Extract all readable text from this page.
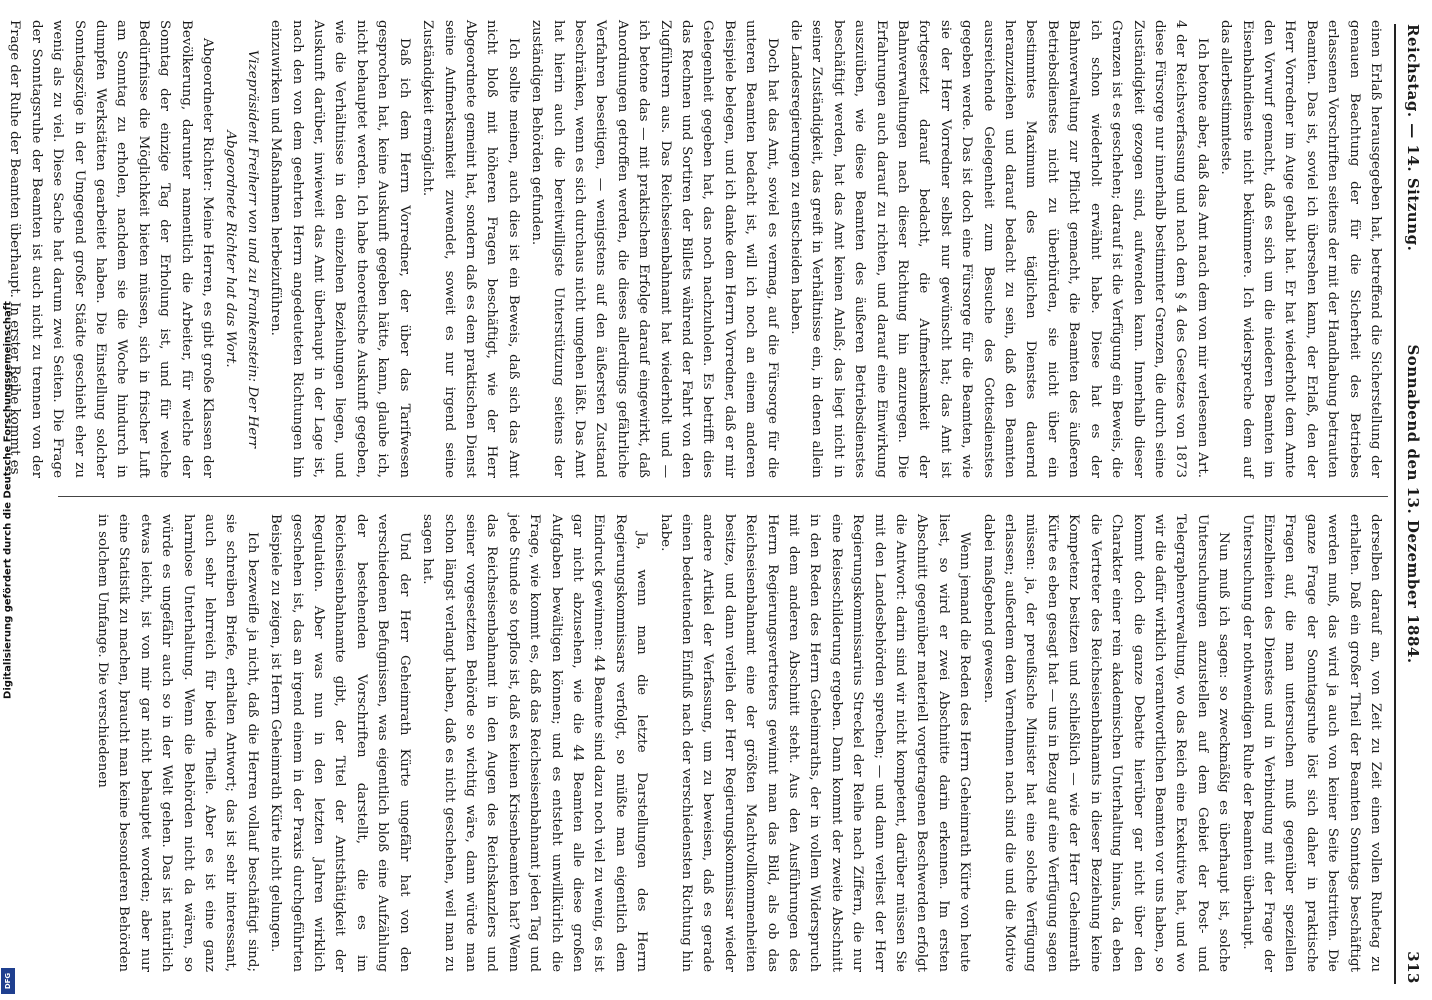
Digitalisierung gefördert durch die Deutsche Forschungsgemeinschaft
DFG
Reichstag. — 14. Sitzung.
Sonnabend den 13. Dezember 1884.
313

einen Erlaß herausgegeben hat, betreffend die Sicherstellung der genauen Beachtung der für die Sicherheit des Betriebes erlassenen Vorschriften seitens der mit der Handhabung betrauten Beamten. Das ist, soviel ich übersehen kann, der Erlaß, den der Herr Vorredner im Auge gehabt hat. Er hat wiederholt dem Amte den Vorwurf gemacht, daß es sich um die niederen Beamten im Eisenbahndienste nicht bekümmere. Ich widerspreche dem auf das allerbestimmteste.

Ich betone aber, daß das Amt nach dem von mir verlesenen Art. 4 der Reichsverfassung und nach dem § 4 des Gesetzes von 1873 diese Fürsorge nur innerhalb bestimmter Grenzen, die durch seine Zuständigkeit gezogen sind, aufwenden kann. Innerhalb dieser Grenzen ist es geschehen; darauf ist die Verfügung ein Beweis, die ich schon wiederholt erwähnt habe. Diese hat es der Bahnverwaltung zur Pflicht gemacht, die Beamten des äußeren Betriebsdienstes nicht zu überbürden, sie nicht über ein bestimmtes Maximum des täglichen Dienstes dauernd heranzuziehen und darauf bedacht zu sein, daß den Beamten ausreichende Gelegenheit zum Besuche des Gottesdienstes gegeben werde. Das ist doch eine Fürsorge für die Beamten, wie sie der Herr Vorredner selbst nur gewünscht hat; das Amt ist fortgesetzt darauf bedacht, die Aufmerksamkeit der Bahnverwaltungen nach dieser Richtung hin anzuregen. Die Erfahrungen auch darauf zu richten, und darauf eine Einwirkung auszuüben, wie diese Beamten des äußeren Betriebsdienstes beschäftigt werden, hat das Amt keinen Anlaß; das liegt nicht in seiner Zuständigkeit, das greift in Verhältnisse ein, in denen allein die Landesregierungen zu entscheiden haben.

Doch hat das Amt, soviel es vermag, auf die Fürsorge für die unteren Beamten bedacht ist, will ich noch an einem anderen Beispiele belegen, und ich danke dem Herrn Vorredner, daß er mir Gelegenheit gegeben hat, das noch nachzuholen. Es betrifft dies das Rechnen und Sortiren der Billets während der Fahrt von den Zugführern aus. Das Reichseisenbahnamt hat wiederholt und — ich betone das — mit praktischem Erfolge darauf eingewirkt, daß Anordnungen getroffen werden, die dieses allerdings gefährliche Verfahren beseitigen, — wenigstens auf den äußersten Zustand beschränken, wenn es sich durchaus nicht umgehen läßt. Das Amt hat hierin auch die bereitwilligste Unterstützung seitens der zuständigen Behörden gefunden.

Ich sollte meinen, auch dies ist ein Beweis, daß sich das Amt nicht bloß mit höheren Fragen beschäftigt, wie der Herr Abgeordnete gemeint hat, sondern daß es dem praktischen Dienst seine Aufmerksamkeit zuwendet, soweit es nur irgend seine Zuständigkeit ermöglicht.

Daß ich dem Herrn Vorredner, der über das Tarifwesen gesprochen hat, keine Auskunft gegeben hätte, kann, glaube ich, nicht behauptet werden. Ich habe theoretische Auskunft gegeben, wie die Verhältnisse in den einzelnen Beziehungen liegen, und Auskunft darüber, inwieweit das Amt überhaupt in der Lage ist, nach den von dem geehrten Herrn angedeuteten Richtungen hin einzuwirken und Maßnahmen herbeizuführen.

Vizepräsident Freiherr von und zu Frankenstein: Der Herr Abgeordnete Richter hat das Wort.

Abgeordneter Richter: Meine Herren, es gibt große Klassen der Bevölkerung, darunter namentlich die Arbeiter, für welche der Sonntag der einzige Tag der Erholung ist, und für welche Bedürfnisse die Möglichkeit bieten müssen, sich in frischer Luft am Sonntag zu erholen, nachdem sie die Woche hindurch in dumpfen Werkstätten gearbeitet haben. Die Einstellung solcher Sonntagszüge in der Umgegend großer Städte geschieht eher zu wenig als zu viel. Diese Sache hat darum zwei Seiten. Die Frage der Sonntagsruhe der Beamten ist auch nicht zu trennen von der Frage der Ruhe der Beamten überhaupt. In erster Reihe kommt es

derselben darauf an, von Zeit zu Zeit einen vollen Ruhetag zu erhalten. Daß ein großer Theil der Beamten Sonntags beschäftigt werden muß, das wird ja auch von keiner Seite bestritten. Die ganze Frage der Sonntagsruhe löst sich daher in praktische Fragen auf, die man untersuchen muß gegenüber speziellen Einzelheiten des Dienstes und in Verbindung mit der Frage der Untersuchung der nothwendigen Ruhe der Beamten überhaupt.

Nun muß ich sagen: so zweckmäßig es überhaupt ist, solche Untersuchungen anzustellen auf dem Gebiet der Post- und Telegraphenverwaltung, wo das Reich eine Exekutive hat, und wo wir die dafür wirklich verantwortlichen Beamten vor uns haben, so kommt doch die ganze Debatte hierüber gar nicht über den Charakter einer rein akademischen Unterhaltung hinaus, da eben die Vertreter des Reichseisenbahnamts in dieser Beziehung keine Kompetenz besitzen und schließlich — wie der Herr Geheimrath Kürte es eben gesagt hat — uns in Bezug auf eine Verfügung sagen müssen: ja, der preußische Minister hat eine solche Verfügung erlassen; außerdem dem Vernehmen nach sind die und die Motive dabei maßgebend gewesen.

Wenn jemand die Reden des Herrn Geheimrath Kürte von heute liest, so wird er zwei Abschnitte darin erkennen. Im ersten Abschnitt gegenüber materiell vorgetragenen Beschwerden erfolgt die Antwort: darin sind wir nicht kompetent, darüber müssen Sie mit den Landesbehörden sprechen; — und dann verliest der Herr Regierungskommissarius Streckel der Reihe nach Ziffern, die nur eine Reiseschilderung ergeben. Dann kommt der zweite Abschnitt in den Reden des Herrn Geheimraths, der in vollem Widerspruch mit dem anderen Abschnitt steht. Aus den Ausführungen des Herrn Regierungsvertreters gewinnt man das Bild, als ob das Reichseisenbahnamt eine der größten Machtvollkommenheiten besitze, und dann verlieh der Herr Regierungskommissar wieder andere Artikel der Verfassung, um zu beweisen, daß es gerade einen bedeutenden Einfluß nach der verschiedensten Richtung hin habe.

Ja, wenn man die letzte Darstellungen des Herrn Regierungskommissars verfolgt, so müßte man eigentlich dem Eindruck gewinnen: 44 Beamte sind dazu noch viel zu wenig, es ist gar nicht abzusehen, wie die 44 Beamten alle diese großen Aufgaben bewältigen können; und es entsteht unwillkürlich die Frage, wie kommt es, daß das Reichseisenbahnamt jeden Tag und jede Stunde so topflos ist, daß es keinen Krisenbeamten hat? Wenn das Reichseisenbahnamt in den Augen des Reichskanzlers und seiner vorgesetzten Behörde so wichtig wäre, dann würde man schon längst verlangt haben, daß es nicht geschehen, weil man zu sagen hat.

Und der Herr Geheimrath Kürte ungefähr hat von den verschiedenen Befugnissen, was eigentlich bloß eine Aufzählung der bestehenden Vorschriften darstellt, die es im Reichseisenbahnamte gibt, der Titel der Amtsthätigkeit der Regulation. Aber was nun in den letzten Jahren wirklich geschehen ist, das an irgend einem in der Praxis durchgeführten Beispiele zu zeigen, ist Herrn Geheimrath Kürte nicht gelungen.

Ich bezweifle ja nicht, daß die Herren vollauf beschäftigt sind; sie schreiben Briefe, erhalten Antwort; das ist sehr interessant, auch sehr lehrreich für beide Theile. Aber es ist eine ganz harmlose Unterhaltung. Wenn die Behörden nicht da wären, so würde es ungefähr auch so in der Welt gehen. Das ist natürlich etwas leicht, ist von mir gar nicht behauptet worden; aber nur eine Statistik zu machen, braucht man keine besonderen Behörden in solchem Umfange. Die verschiedenen
